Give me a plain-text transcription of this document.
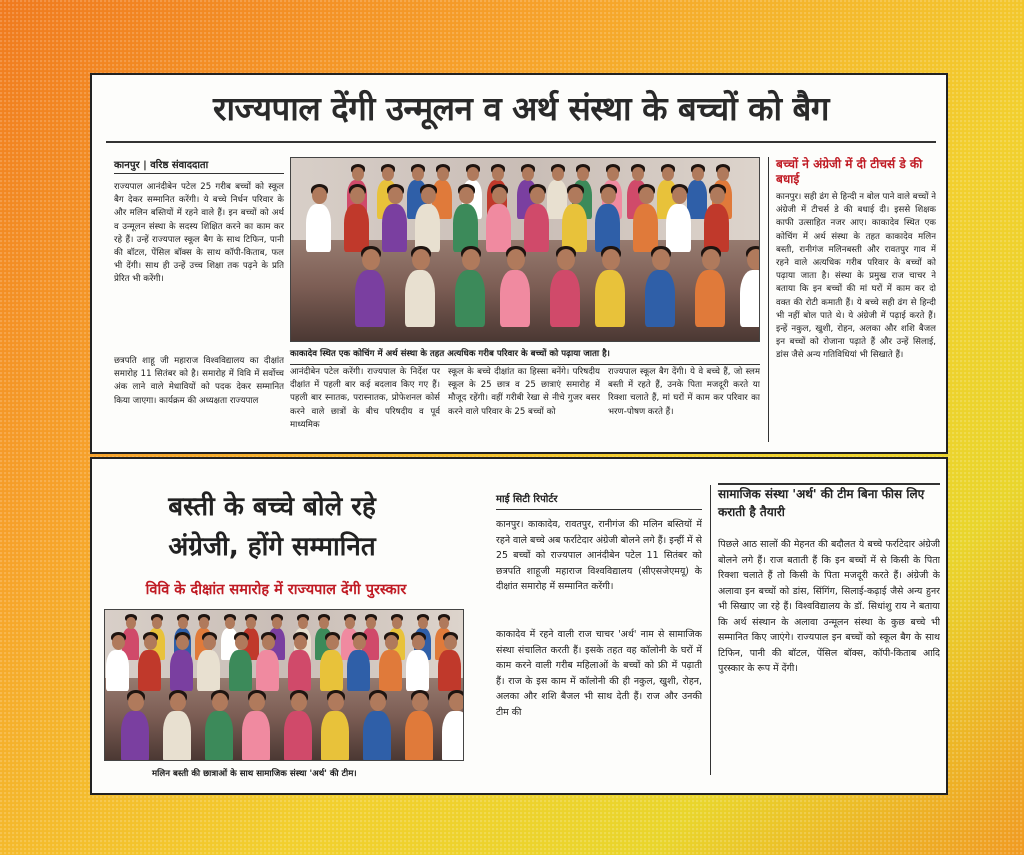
राज्यपाल देंगी उन्मूलन व अर्थ संस्था के बच्चों को बैग
कानपुर | वरिष्ठ संवाददाता
राज्यपाल आनंदीबेन पटेल 25 गरीब बच्चों को स्कूल बैग देकर सम्मानित करेंगी। ये बच्चे निर्धन परिवार के और मलिन बस्तियों में रहने वाले हैं। इन बच्चों को अर्थ व उन्मूलन संस्था के सदस्य शिक्षित करने का काम कर रहे हैं। उन्हें राज्यपाल स्कूल बैग के साथ टिफिन, पानी की बॉटल, पेंसिल बॉक्स के साथ कॉपी-किताब, फल भी देंगी। साथ ही उन्हें उच्च शिक्षा तक पढ़ने के प्रति प्रेरित भी करेंगी।
छत्रपति शाहू जी महाराज विश्वविद्यालय का दीक्षांत समारोह 11 सितंबर को है। समारोह में विवि में सर्वोच्च अंक लाने वाले मेधावियों को पदक देकर सम्मानित किया जाएगा। कार्यक्रम की अध्यक्षता राज्यपाल
काकादेव स्थित एक कोचिंग में अर्थ संस्था के तहत अत्यधिक गरीब परिवार के बच्चों को पढ़ाया जाता है।
आनंदीबेन पटेल करेंगी। राज्यपाल के निर्देश पर दीक्षांत में पहली बार कई बदलाव किए गए हैं। पहली बार स्नातक, परास्नातक, प्रोफेशनल कोर्स करने वाले छात्रों के बीच परिषदीय व पूर्व माध्यमिक
स्कूल के बच्चे दीक्षांत का हिस्सा बनेंगे। परिषदीय स्कूल के 25 छात्र व 25 छात्राएं समारोह में मौजूद रहेंगी। वहीं गरीबी रेखा से नीचे गुजर बसर करने वाले परिवार के 25 बच्चों को
राज्यपाल स्कूल बैग देंगी। ये वे बच्चे हैं, जो स्लम बस्ती में रहते हैं, उनके पिता मजदूरी करते या रिक्शा चलाते हैं, मां घरों में काम कर परिवार का भरण-पोषण करते हैं।
बच्चों ने अंग्रेजी में दी टीचर्स डे की बधाई
कानपुर। सही ढंग से हिन्दी न बोल पाने वाले बच्चों ने अंग्रेजी में टीचर्स डे की बधाई दी। इससे शिक्षक काफी उत्साहित नजर आए। काकादेव स्थित एक कोचिंग में अर्थ संस्था के तहत काकादेव मलिन बस्ती, रानीगंज मलिनबस्ती और रावतपुर गाव में रहने वाले अत्यधिक गरीब परिवार के बच्चों को पढ़ाया जाता है। संस्था के प्रमुख राज चाचर ने बताया कि इन बच्चों की मां घरों में काम कर दो वक्त की रोटी कमाती हैं। ये बच्चे सही ढंग से हिन्दी भी नहीं बोल पाते थे। ये अंग्रेजी में पढ़ाई करते हैं। इन्हें नकुल, खुशी, रोहन, अलका और शशि बैजल इन बच्चों को रोजाना पढ़ाते हैं और उन्हें सिलाई, डांस जैसे अन्य गतिविधियां भी सिखाते हैं।
बस्ती के बच्चे बोले रहे
अंग्रेजी, होंगे सम्मानित
विवि के दीक्षांत समारोह में राज्यपाल देंगी पुरस्कार
मलिन बस्ती की छात्राओं के साथ सामाजिक संस्था 'अर्थ' की टीम।
माई सिटी रिपोर्टर
कानपुर। काकादेव, रावतपुर, रानीगंज की मलिन बस्तियों में रहने वाले बच्चे अब फर्राटेदार अंग्रेजी बोलने लगे हैं। इन्हीं में से 25 बच्चों को राज्यपाल आनंदीबेन पटेल 11 सितंबर को छत्रपति शाहूजी महाराज विश्वविद्यालय (सीएसजेएमयू) के दीक्षांत समारोह में सम्मानित करेंगी।
काकादेव में रहने वाली राज चाचर 'अर्थ' नाम से सामाजिक संस्था संचालित करती हैं। इसके तहत वह कॉलोनी के घरों में काम करने वाली गरीब महिलाओं के बच्चों को फ्री में पढ़ाती हैं। राज के इस काम में कॉलोनी की ही नकुल, खुशी, रोहन, अलका और शशि बैजल भी साथ देती हैं। राज और उनकी टीम की
सामाजिक संस्था 'अर्थ' की टीम बिना फीस लिए कराती है तैयारी
पिछले आठ सालों की मेहनत की बदौलत ये बच्चे फर्राटेदार अंग्रेजी बोलने लगे हैं। राज बताती हैं कि इन बच्चों में से किसी के पिता रिक्शा चलाते हैं तो किसी के पिता मजदूरी करते हैं। अंग्रेजी के अलावा इन बच्चों को डांस, सिंगिंग, सिलाई-कढ़ाई जैसे अन्य हुनर भी सिखाए जा रहे हैं। विश्वविद्यालय के डॉ. सिधांशु राय ने बताया कि अर्थ संस्थान के अलावा उन्मूलन संस्था के कुछ बच्चे भी सम्मानित किए जाएंगे। राज्यपाल इन बच्चों को स्कूल बैग के साथ टिफिन, पानी की बॉटल, पेंसिल बॉक्स, कॉपी-किताब आदि पुरस्कार के रूप में देंगी।
